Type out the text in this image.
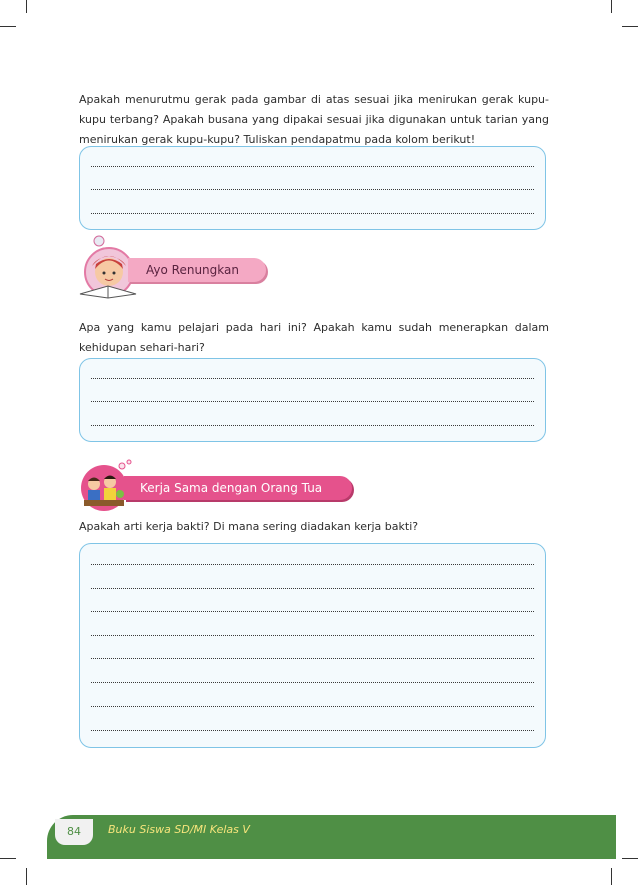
Apakah menurutmu gerak pada gambar di atas sesuai jika menirukan gerak kupu-kupu terbang? Apakah busana yang dipakai sesuai jika digunakan untuk tarian yang menirukan gerak kupu-kupu? Tuliskan pendapatmu pada kolom berikut!

Ayo Renungkan

Apa yang kamu pelajari pada hari ini? Apakah kamu sudah menerapkan dalam kehidupan sehari-hari?

Kerja Sama dengan Orang Tua

Apakah arti kerja bakti? Di mana sering diadakan kerja bakti?

84	Buku Siswa SD/MI Kelas V
